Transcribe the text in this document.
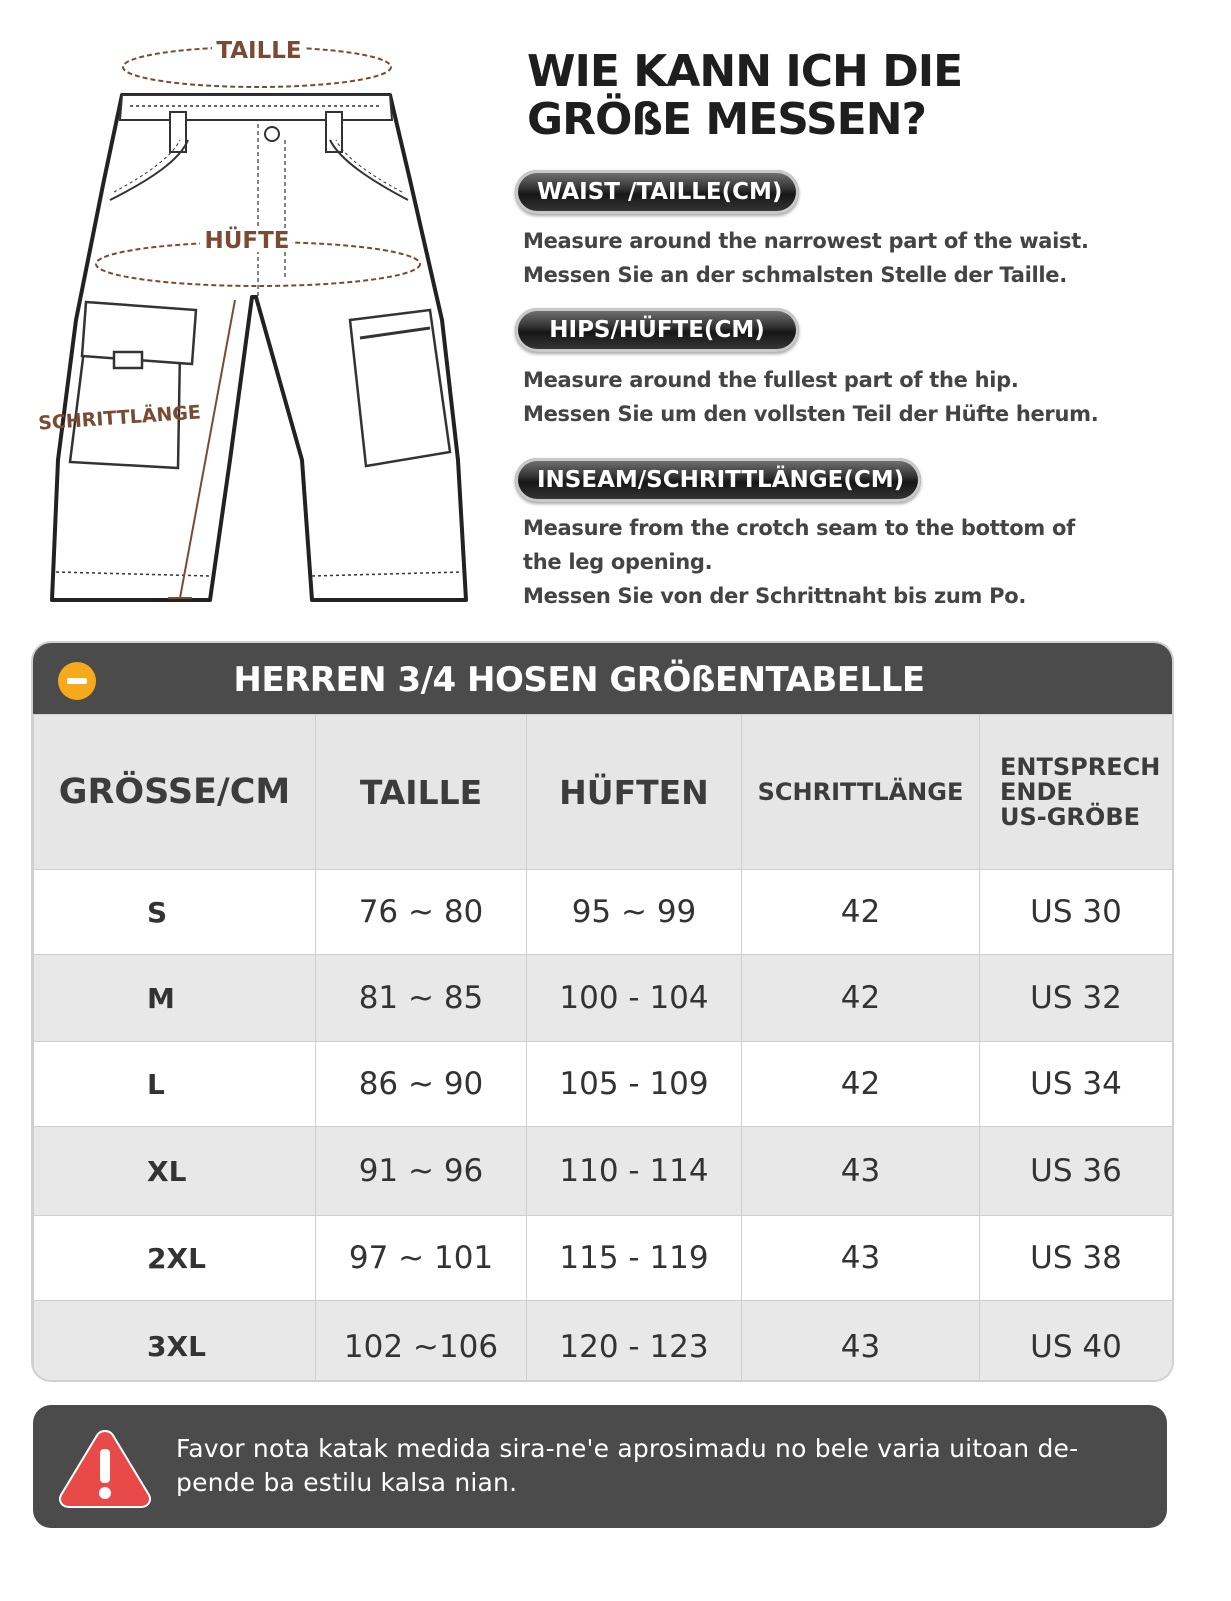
TAILLE
HÜFTE
SCHRITTLÄNGE
WIE KANN ICH DIE
GRÖßE MESSEN?
WAIST /TAILLE(CM)

Measure around the narrowest part of the waist.
Messen Sie an der schmalsten Stelle der Taille.

HIPS/HÜFTE(CM)

Measure around the fullest part of the hip.
Messen Sie um den vollsten Teil der Hüfte herum.

INSEAM/SCHRITTLÄNGE(CM)

Measure from the crotch seam to the bottom of
the leg opening.
Messen Sie von der Schrittnaht bis zum Po.

HERREN 3/4 HOSEN GRÖßENTABELLE
GRÖSSE/CM	TAILLE	HÜFTEN	SCHRITTLÄNGE	ENTSPRECH
ENDE
US-GRÖBE

S	76 ~ 80	95 ~ 99	42	US 30
M	81 ~ 85	100 - 104	42	US 32
L	86 ~ 90	105 - 109	42	US 34
XL	91 ~ 96	110 - 114	43	US 36
2XL	97 ~ 101	115 - 119	43	US 38
3XL	102 ~106	120 - 123	43	US 40

Favor nota katak medida sira-ne'e aprosimadu no bele varia uitoan de-
pende ba estilu kalsa nian.
